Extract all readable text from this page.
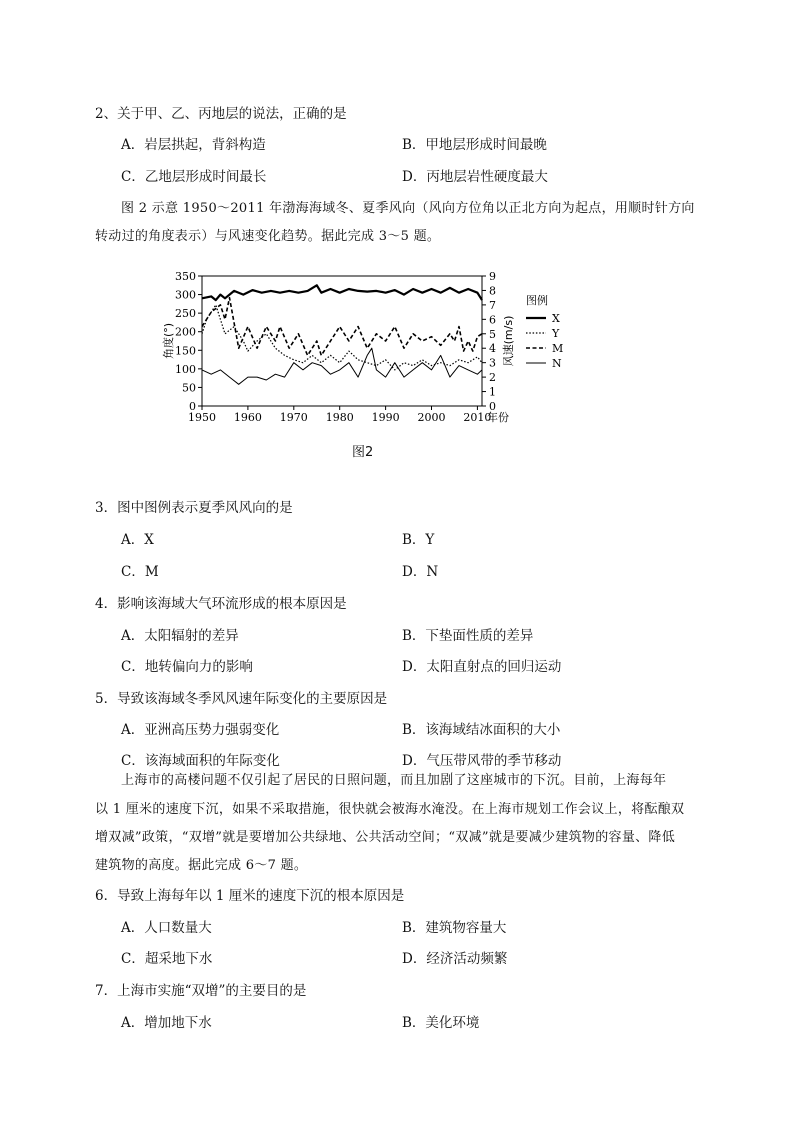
2、关于甲、乙、丙地层的说法，正确的是
A．岩层拱起，背斜构造	B．甲地层形成时间最晚
C．乙地层形成时间最长	D．丙地层岩性硬度最大
图 2 示意 1950～2011 年渤海海域冬、夏季风向（风向方位角以正北方向为起点，用顺时针方向
转动过的角度表示）与风速变化趋势。据此完成 3～5 题。
1950 1960 1970 1980 1990 2000 2010
年份
0
50
100
150
200
250
300
350
0
1
2
3
4
5
6
7
8
9
角度(°)	风速(m/s)
图例
X
Y
M
N
图2
3．图中图例表示夏季风风向的是
A．X	B．Y
C．M	D．N
4．影响该海域大气环流形成的根本原因是
A．太阳辐射的差异	B．下垫面性质的差异
C．地转偏向力的影响	D．太阳直射点的回归运动
5．导致该海域冬季风风速年际变化的主要原因是
A．亚洲高压势力强弱变化	B．该海域结冰面积的大小
C．该海域面积的年际变化	D．气压带风带的季节移动
上海市的高楼问题不仅引起了居民的日照问题，而且加剧了这座城市的下沉。目前，上海每年
以 1 厘米的速度下沉，如果不采取措施，很快就会被海水淹没。在上海市规划工作会议上，将酝酿双
增双减”政策，“双增”就是要增加公共绿地、公共活动空间；“双减”就是要减少建筑物的容量、降低
建筑物的高度。据此完成 6～7 题。
6．导致上海每年以 1 厘米的速度下沉的根本原因是
A．人口数量大	B．建筑物容量大
C．超采地下水	D．经济活动频繁
7．上海市实施“双增”的主要目的是
A．增加地下水	B．美化环境
